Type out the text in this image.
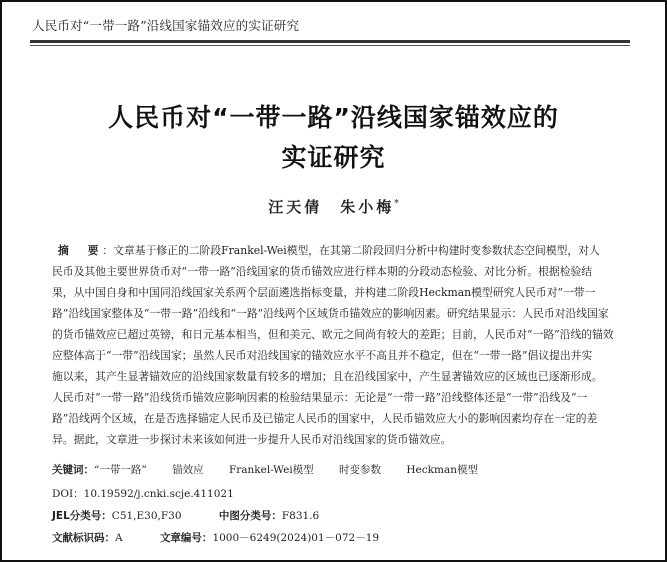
人民币对“一带一路”沿线国家锚效应的实证研究
人民币对“一带一路”沿线国家锚效应的
实证研究
汪天倩　朱小梅*
摘　要：文章基于修正的二阶段Frankel-Wei模型，在其第二阶段回归分析中构建时变参数状态空间模型，对人
民币及其他主要世界货币对“一带一路”沿线国家的货币锚效应进行样本期的分段动态检验、对比分析。根据检验结
果，从中国自身和中国同沿线国家关系两个层面遴选指标变量，并构建二阶段Heckman模型研究人民币对“一带一
路”沿线国家整体及“一带一路”沿线和“一路”沿线两个区域货币锚效应的影响因素。研究结果显示：人民币对沿线国家
的货币锚效应已超过英镑，和日元基本相当，但和美元、欧元之间尚有较大的差距；目前，人民币对“一路”沿线的锚效
应整体高于“一带”沿线国家；虽然人民币对沿线国家的锚效应水平不高且并不稳定，但在“一带一路”倡议提出并实
施以来，其产生显著锚效应的沿线国家数量有较多的增加；且在沿线国家中，产生显著锚效应的区域也已逐渐形成。
人民币对“一带一路”沿线货币锚效应影响因素的检验结果显示：无论是“一带一路”沿线整体还是“一带”沿线及“一
路”沿线两个区域，在是否选择锚定人民币及已锚定人民币的国家中，人民币锚效应大小的影响因素均存在一定的差
异。据此，文章进一步探讨未来该如何进一步提升人民币对沿线国家的货币锚效应。
关键词：“一带一路” 锚效应 Frankel-Wei模型 时变参数 Heckman模型
DOI：10.19592/j.cnki.scje.411021
JEL分类号：C51,E30,F30	中图分类号：F831.6
文献标识码：A	文章编号：1000－6249(2024)01－072－19
